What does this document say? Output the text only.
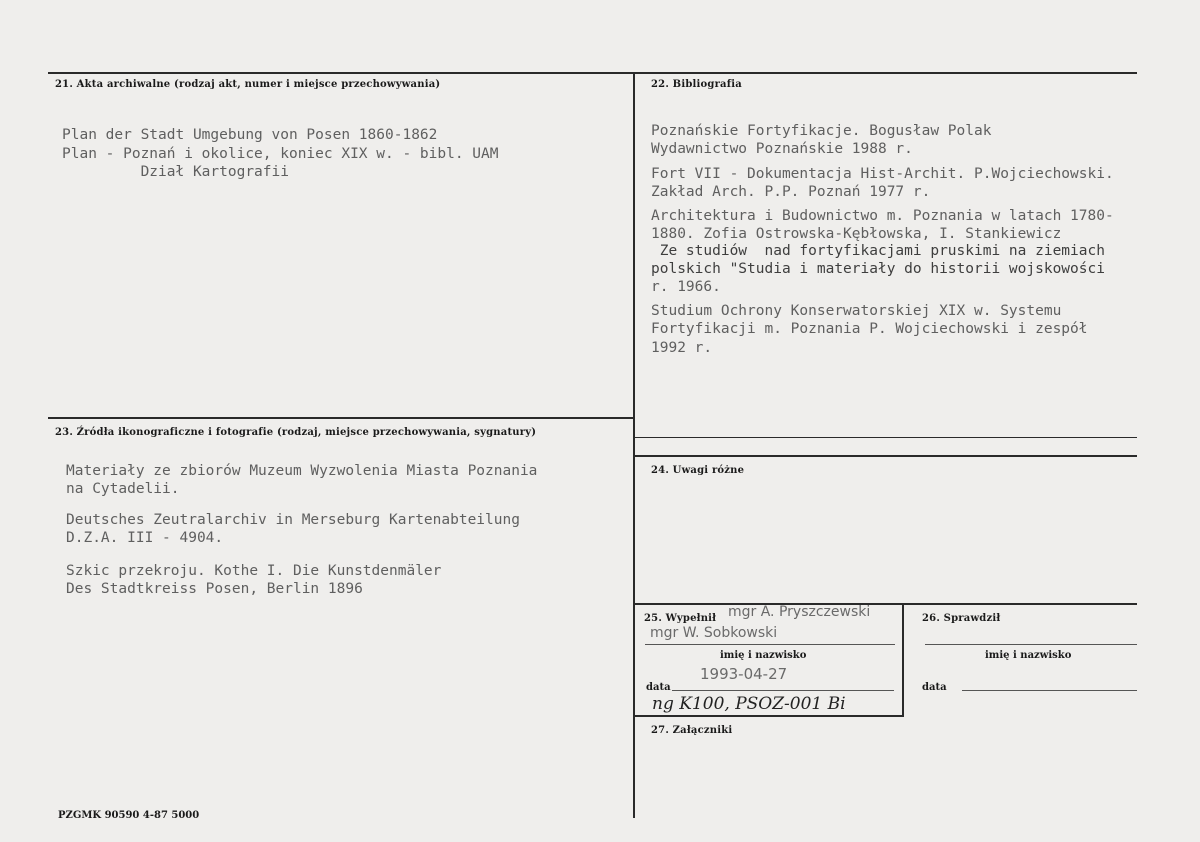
21. Akta archiwalne (rodzaj akt, numer i miejsce przechowywania)
Plan der Stadt Umgebung von Posen 1860-1862
Plan - Poznań i okolice, koniec XIX w. - bibl. UAM
Dział Kartografii
22. Bibliografia
Poznańskie Fortyfikacje. Bogusław Polak
Wydawnictwo Poznańskie 1988 r.
Fort VII - Dokumentacja Hist-Archit. P.Wojciechowski.
Zakład Arch. P.P. Poznań 1977 r.
Architektura i Budownictwo m. Poznania w latach 1780-
1880. Zofia Ostrowska-Kębłowska, I. Stankiewicz
Ze studiów  nad fortyfikacjami pruskimi na ziemiach
polskich "Studia i materiały do historii wojskowości
r. 1966.
Studium Ochrony Konserwatorskiej XIX w. Systemu
Fortyfikacji m. Poznania P. Wojciechowski i zespół
1992 r.
23. Źródła ikonograficzne i fotografie (rodzaj, miejsce przechowywania, sygnatury)
Materiały ze zbiorów Muzeum Wyzwolenia Miasta Poznania
na Cytadelii.
Deutsches Zeutralarchiv in Merseburg Kartenabteilung
D.Z.A. III - 4904.
Szkic przekroju. Kothe I. Die Kunstdenmäler
Des Stadtkreiss Posen, Berlin 1896
24. Uwagi różne
25. Wypełnił mgr A. Pryszczewski
mgr W. Sobkowski
imię i nazwisko
data
1993-04-27
ng K100, PSOZ-001 Bi
26. Sprawdził
imię i nazwisko
data
27. Załączniki
PZGMK 90590 4-87 5000
